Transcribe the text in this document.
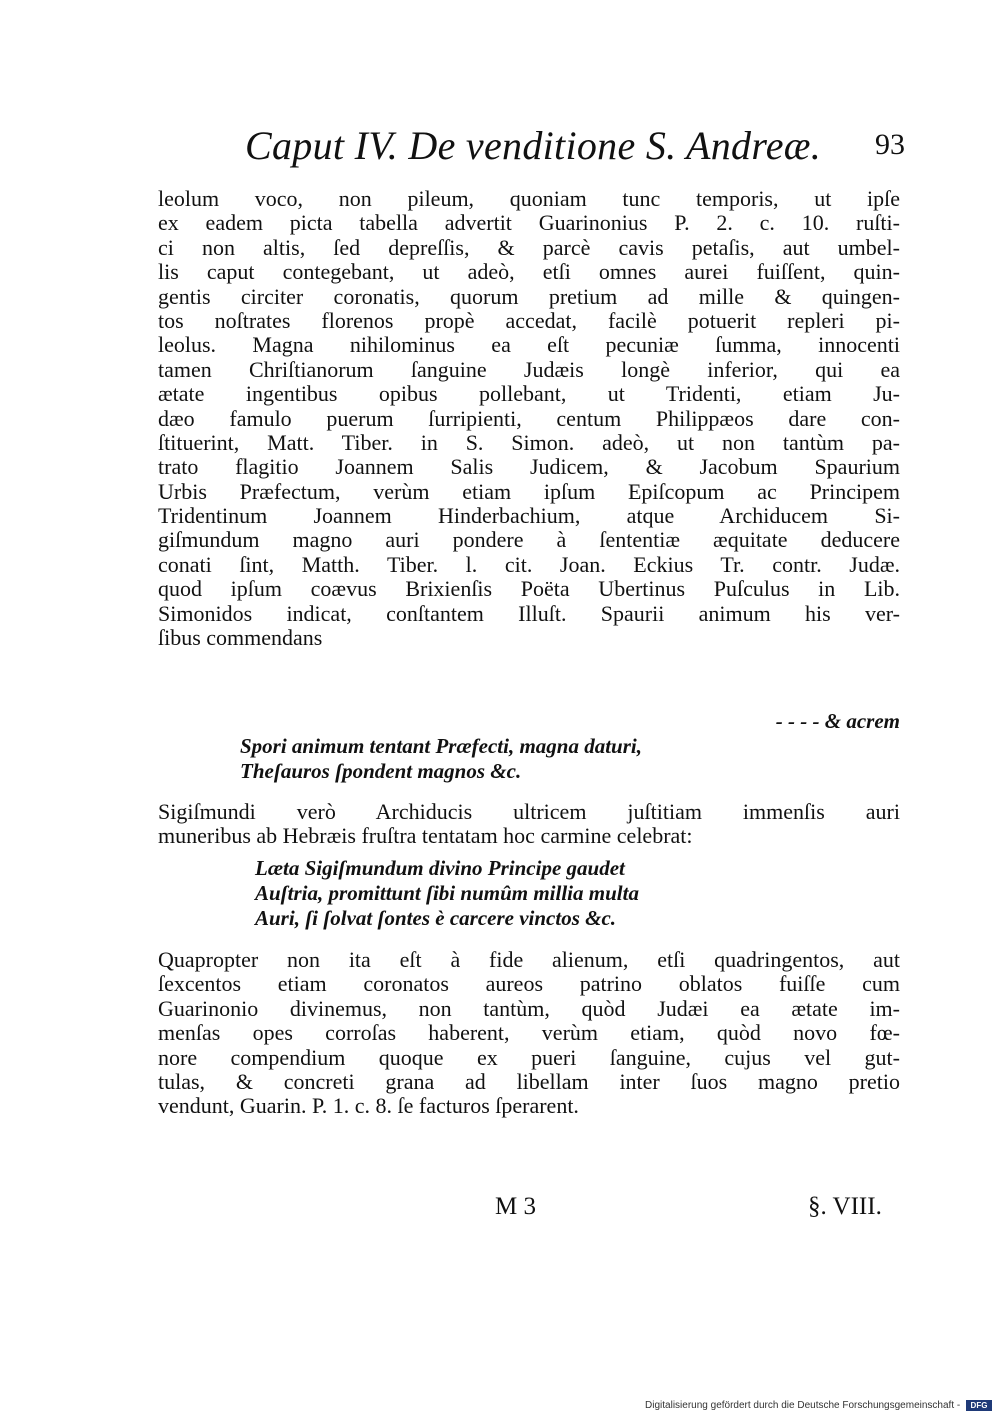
Caput IV. De venditione S. Andreæ. 93
leolum voco, non pileum, quoniam tunc temporis, ut ipſe
ex eadem picta tabella advertit Guarinonius P. 2. c. 10. ruſti-
ci non altis, ſed depreſſis, & parcè cavis petaſis, aut umbel-
lis caput contegebant, ut adeò, etſi omnes aurei fuiſſent, quin-
gentis circiter coronatis, quorum pretium ad mille & quingen-
tos noſtrates florenos propè accedat, facilè potuerit repleri pi-
leolus. Magna nihilominus ea eſt pecuniæ ſumma, innocenti
tamen Chriſtianorum ſanguine Judæis longè inferior, qui ea
ætate ingentibus opibus pollebant, ut Tridenti, etiam Ju-
dæo famulo puerum ſurripienti, centum Philippæos dare con-
ſtituerint, Matt. Tiber. in S. Simon. adeò, ut non tantùm pa-
trato flagitio Joannem Salis Judicem, & Jacobum Spaurium
Urbis Præfectum, verùm etiam ipſum Epiſcopum ac Principem
Tridentinum Joannem Hinderbachium, atque Archiducem Si-
giſmundum magno auri pondere à ſententiæ æquitate deducere
conati ſint, Matth. Tiber. l. cit. Joan. Eckius Tr. contr. Judæ.
quod ipſum coævus Brixienſis Poëta Ubertinus Puſculus in Lib.
Simonidos indicat, conſtantem Illuſt. Spaurii animum his ver-
ſibus commendans
- - - - & acrem
Spori animum tentant Præfecti, magna daturi,
Theſauros ſpondent magnos &c.
Sigiſmundi verò Archiducis ultricem juſtitiam immenſis auri
muneribus ab Hebræis fruſtra tentatam hoc carmine celebrat:
Læta Sigiſmundum divino Principe gaudet
Auſtria, promittunt ſibi numûm millia multa
Auri, ſi ſolvat ſontes è carcere vinctos &c.
Quapropter non ita eſt à fide alienum, etſi quadringentos, aut
ſexcentos etiam coronatos aureos patrino oblatos fuiſſe cum
Guarinonio divinemus, non tantùm, quòd Judæi ea ætate im-
menſas opes corroſas haberent, verùm etiam, quòd novo fœ-
nore compendium quoque ex pueri ſanguine, cujus vel gut-
tulas, & concreti grana ad libellam inter ſuos magno pretio
vendunt, Guarin. P. 1. c. 8. ſe facturos ſperarent.
M 3	§. VIII.
Digitalisierung gefördert durch die Deutsche Forschungsgemeinschaft - DFG
